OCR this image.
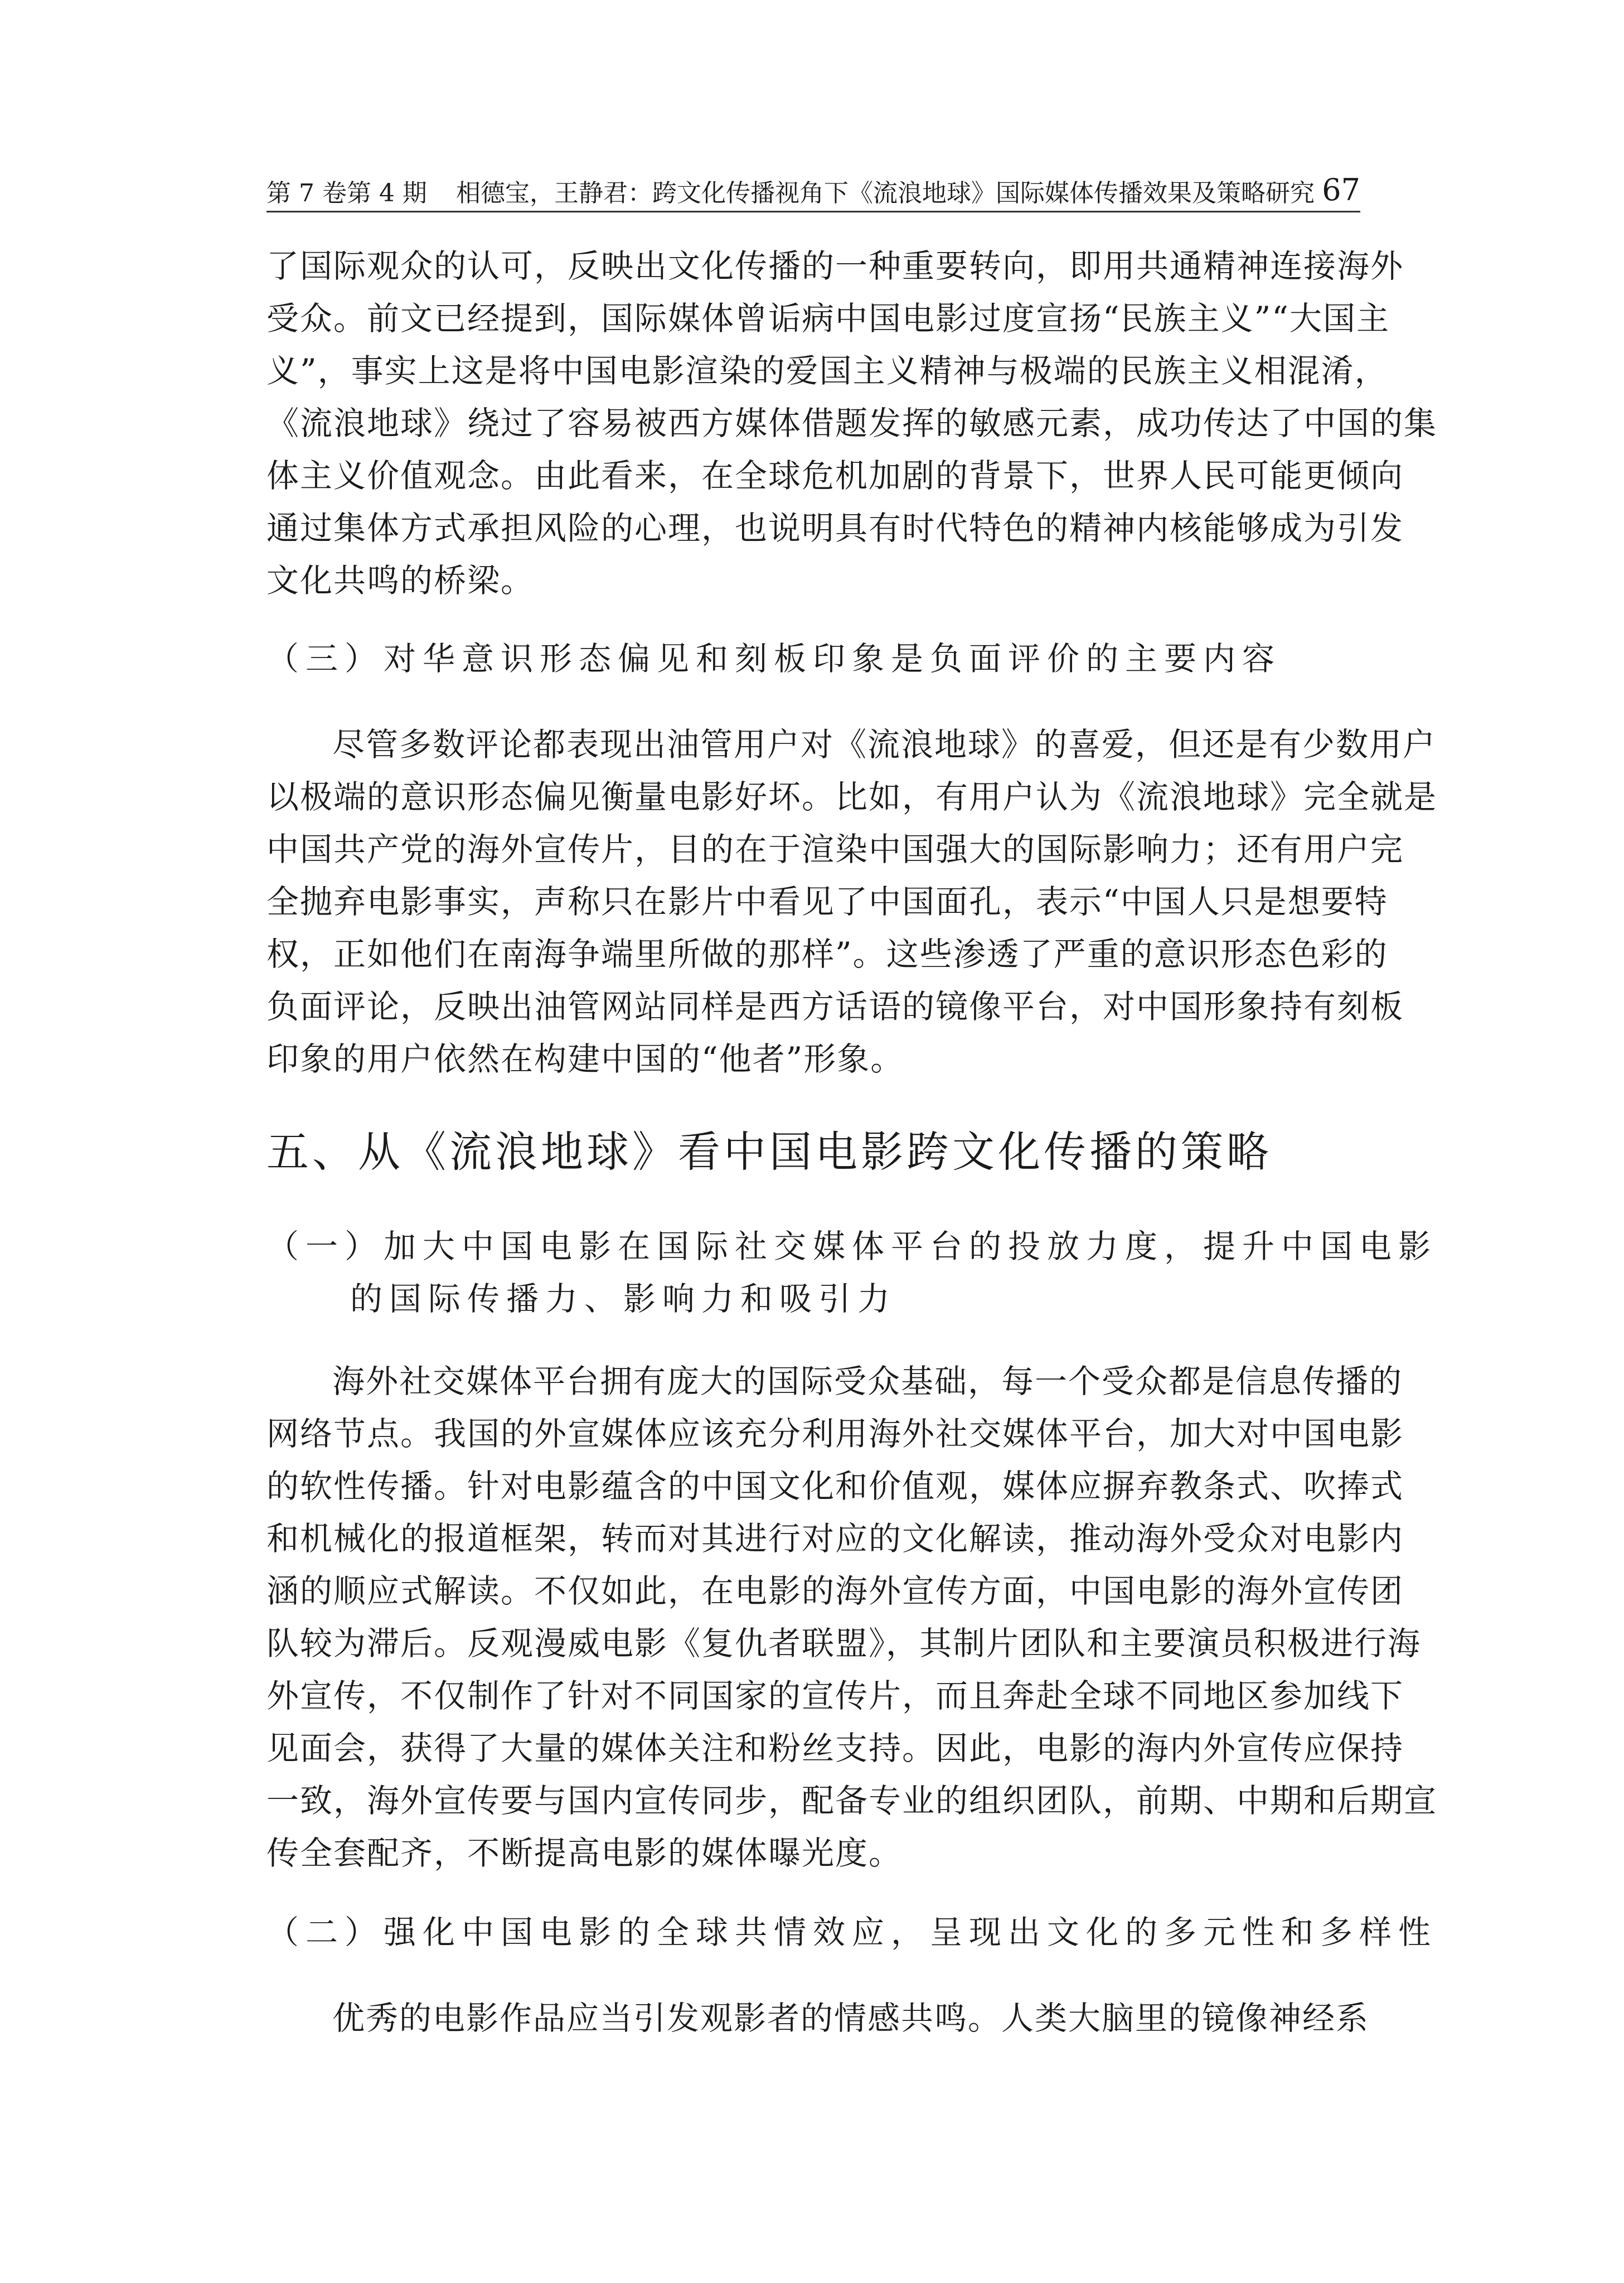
第 7 卷第 4 期 相德宝，王静君：跨文化传播视角下《流浪地球》国际媒体传播效果及策略研究 67

了国际观众的认可，反映出文化传播的一种重要转向，即用共通精神连接海外

受众。前文已经提到，国际媒体曾诟病中国电影过度宣扬“民族主义”“大国主

义”，事实上这是将中国电影渲染的爱国主义精神与极端的民族主义相混淆，

《流浪地球》绕过了容易被西方媒体借题发挥的敏感元素，成功传达了中国的集

体主义价值观念。由此看来，在全球危机加剧的背景下，世界人民可能更倾向

通过集体方式承担风险的心理，也说明具有时代特色的精神内核能够成为引发

文化共鸣的桥梁。

（三）对华意识形态偏见和刻板印象是负面评价的主要内容

尽管多数评论都表现出油管用户对《流浪地球》的喜爱，但还是有少数用户

以极端的意识形态偏见衡量电影好坏。比如，有用户认为《流浪地球》完全就是

中国共产党的海外宣传片，目的在于渲染中国强大的国际影响力；还有用户完

全抛弃电影事实，声称只在影片中看见了中国面孔，表示“中国人只是想要特

权，正如他们在南海争端里所做的那样”。这些渗透了严重的意识形态色彩的

负面评论，反映出油管网站同样是西方话语的镜像平台，对中国形象持有刻板

印象的用户依然在构建中国的“他者”形象。

五、从《流浪地球》看中国电影跨文化传播的策略

（一）加大中国电影在国际社交媒体平台的投放力度，提升中国电影

的国际传播力、影响力和吸引力

海外社交媒体平台拥有庞大的国际受众基础，每一个受众都是信息传播的

网络节点。我国的外宣媒体应该充分利用海外社交媒体平台，加大对中国电影

的软性传播。针对电影蕴含的中国文化和价值观，媒体应摒弃教条式、吹捧式

和机械化的报道框架，转而对其进行对应的文化解读，推动海外受众对电影内

涵的顺应式解读。不仅如此，在电影的海外宣传方面，中国电影的海外宣传团

队较为滞后。反观漫威电影《复仇者联盟》，其制片团队和主要演员积极进行海

外宣传，不仅制作了针对不同国家的宣传片，而且奔赴全球不同地区参加线下

见面会，获得了大量的媒体关注和粉丝支持。因此，电影的海内外宣传应保持

一致，海外宣传要与国内宣传同步，配备专业的组织团队，前期、中期和后期宣

传全套配齐，不断提高电影的媒体曝光度。

（二）强化中国电影的全球共情效应，呈现出文化的多元性和多样性

优秀的电影作品应当引发观影者的情感共鸣。人类大脑里的镜像神经系
